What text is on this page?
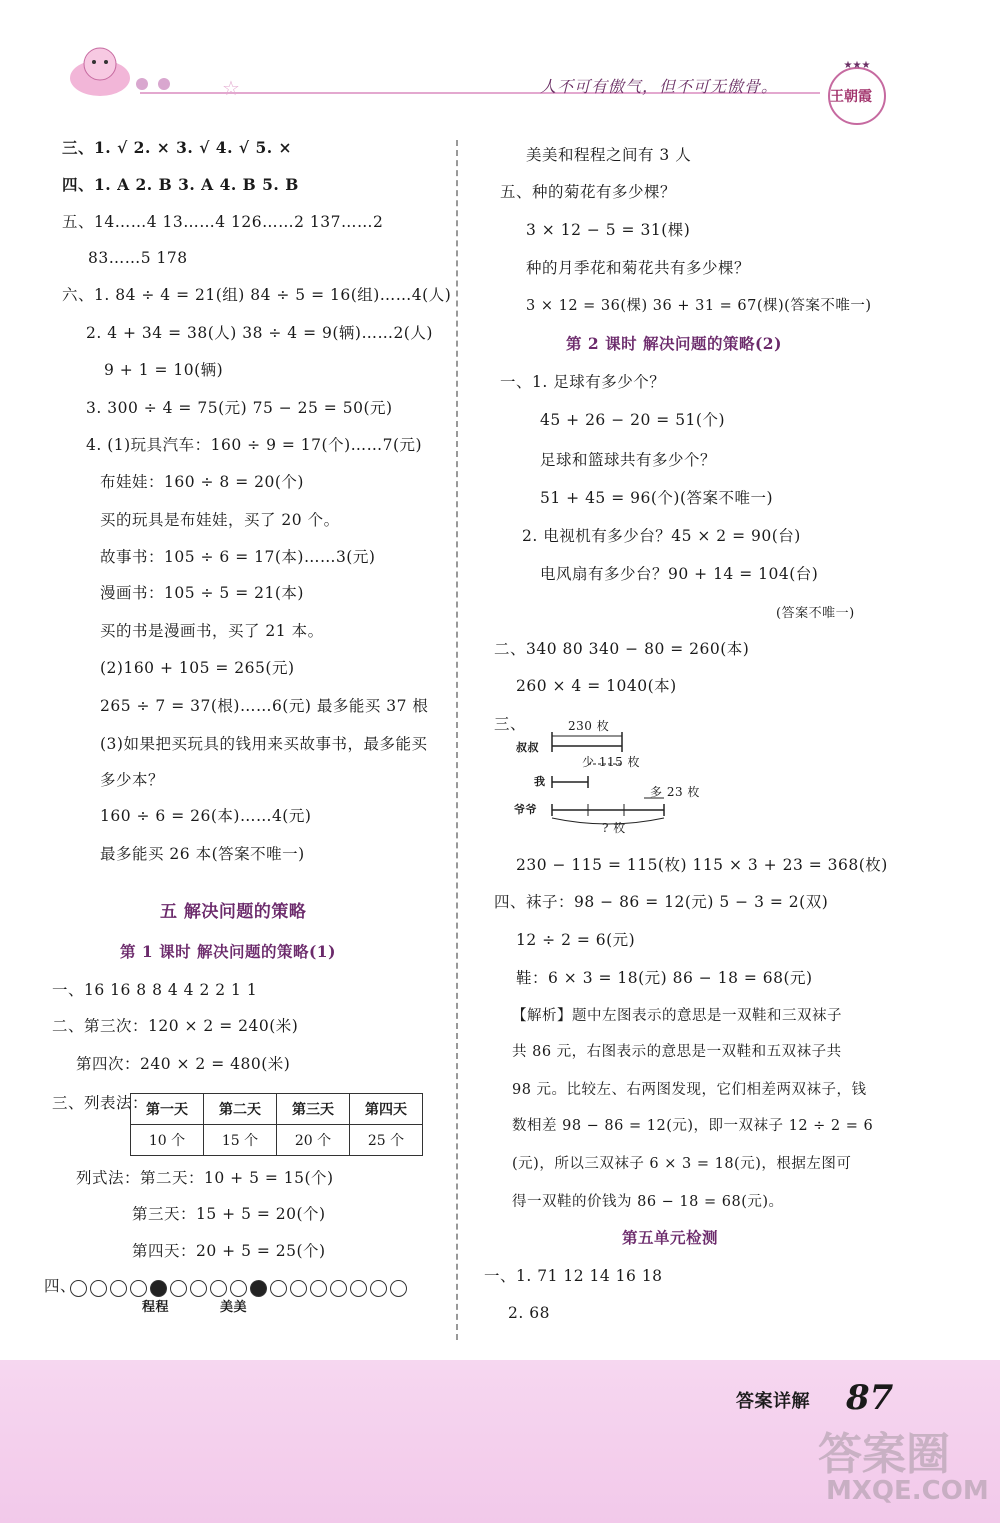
☆	人不可有傲气，但不可无傲骨。
★★★
王朝霞
三、1. √ 2. × 3. √ 4. √ 5. ×
四、1. A 2. B 3. A 4. B 5. B
五、14……4 13……4 126……2 137……2
83……5 178
六、1. 84 ÷ 4 = 21(组) 84 ÷ 5 = 16(组)……4(人)
2. 4 + 34 = 38(人) 38 ÷ 4 = 9(辆)……2(人)
9 + 1 = 10(辆)
3. 300 ÷ 4 = 75(元) 75 − 25 = 50(元)
4. (1)玩具汽车：160 ÷ 9 = 17(个)……7(元)
布娃娃：160 ÷ 8 = 20(个)
买的玩具是布娃娃，买了 20 个。
故事书：105 ÷ 6 = 17(本)……3(元)
漫画书：105 ÷ 5 = 21(本)
买的书是漫画书，买了 21 本。
(2)160 + 105 = 265(元)
265 ÷ 7 = 37(根)……6(元) 最多能买 37 根
(3)如果把买玩具的钱用来买故事书，最多能买
多少本？
160 ÷ 6 = 26(本)……4(元)
最多能买 26 本(答案不唯一)
五 解决问题的策略
第 1 课时 解决问题的策略(1)
一、16 16 8 8 4 4 2 2 1 1
二、第三次：120 × 2 = 240(米)
第四次：240 × 2 = 480(米)
三、列表法：
第一天	第二天	第三天	第四天
10 个	15 个	20 个	25 个
列式法：第二天：10 + 5 = 15(个)
第三天：15 + 5 = 20(个)
第四天：20 + 5 = 25(个)
四、
程程	美美
美美和程程之间有 3 人
五、种的菊花有多少棵？
3 × 12 − 5 = 31(棵)
种的月季花和菊花共有多少棵？
3 × 12 = 36(棵) 36 + 31 = 67(棵)(答案不唯一)
第 2 课时 解决问题的策略(2)
一、1. 足球有多少个？
45 + 26 − 20 = 51(个)
足球和篮球共有多少个？
51 + 45 = 96(个)(答案不唯一)
2. 电视机有多少台？45 × 2 = 90(台)
电风扇有多少台？90 + 14 = 104(台)
(答案不唯一)
二、340 80 340 − 80 = 260(本)
260 × 4 = 1040(本)
三、	230 枚
叔叔
少 115 枚
我
多 23 枚
爷爷
? 枚
230 − 115 = 115(枚) 115 × 3 + 23 = 368(枚)
四、袜子：98 − 86 = 12(元) 5 − 3 = 2(双)
12 ÷ 2 = 6(元)
鞋：6 × 3 = 18(元) 86 − 18 = 68(元)
【解析】题中左图表示的意思是一双鞋和三双袜子
共 86 元，右图表示的意思是一双鞋和五双袜子共
98 元。比较左、右两图发现，它们相差两双袜子，钱
数相差 98 − 86 = 12(元)，即一双袜子 12 ÷ 2 = 6
(元)，所以三双袜子 6 × 3 = 18(元)，根据左图可
得一双鞋的价钱为 86 − 18 = 68(元)。
第五单元检测
一、1. 71 12 14 16 18
2. 68
答案详解 87
答案圈
MXQE.COM
